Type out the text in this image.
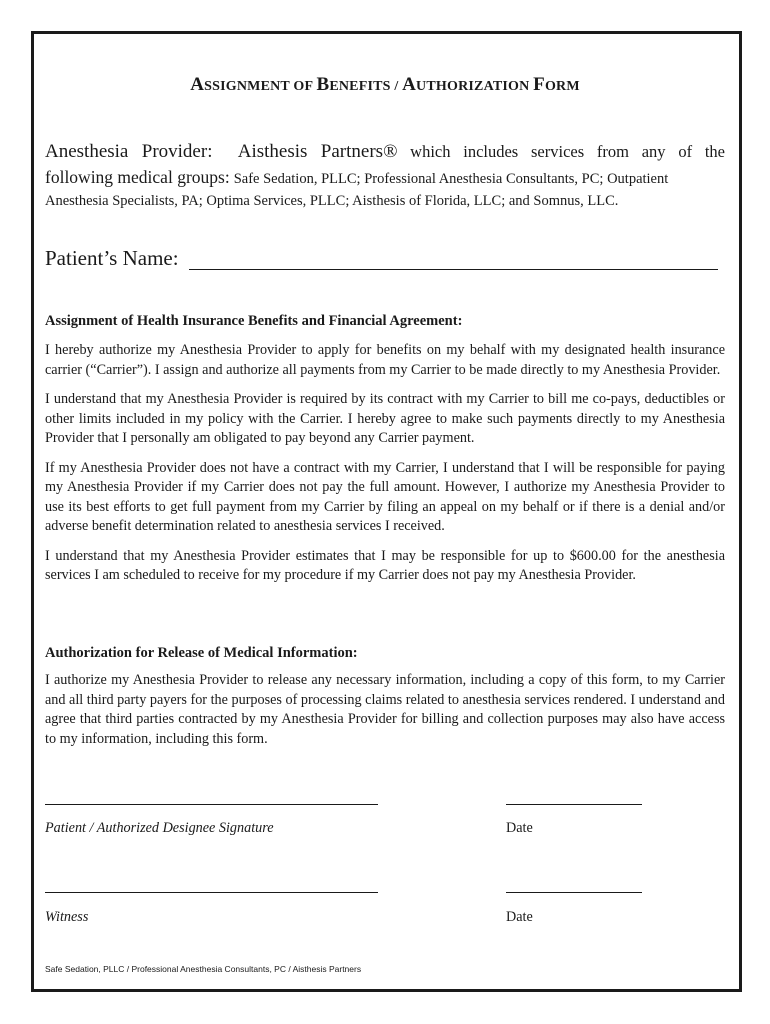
ASSIGNMENT OF BENEFITS / AUTHORIZATION FORM

Anesthesia Provider: Aisthesis Partners® which includes services from any of the

following medical groups: Safe Sedation, PLLC; Professional Anesthesia Consultants, PC; Outpatient

Anesthesia Specialists, PA; Optima Services, PLLC; Aisthesis of Florida, LLC; and Somnus, LLC.

Patient’s Name:
Assignment of Health Insurance Benefits and Financial Agreement:

I hereby authorize my Anesthesia Provider to apply for benefits on my behalf with my designated health insurance carrier (“Carrier”). I assign and authorize all payments from my Carrier to be made directly to my Anesthesia Provider.

I understand that my Anesthesia Provider is required by its contract with my Carrier to bill me co-pays, deductibles or other limits included in my policy with the Carrier. I hereby agree to make such payments directly to my Anesthesia Provider that I personally am obligated to pay beyond any Carrier payment.

If my Anesthesia Provider does not have a contract with my Carrier, I understand that I will be responsible for paying my Anesthesia Provider if my Carrier does not pay the full amount. However, I authorize my Anesthesia Provider to use its best efforts to get full payment from my Carrier by filing an appeal on my behalf or if there is a denial and/or adverse benefit determination related to anesthesia services I received.

I understand that my Anesthesia Provider estimates that I may be responsible for up to $600.00 for the anesthesia services I am scheduled to receive for my procedure if my Carrier does not pay my Anesthesia Provider.

Authorization for Release of Medical Information:

I authorize my Anesthesia Provider to release any necessary information, including a copy of this form, to my Carrier and all third party payers for the purposes of processing claims related to anesthesia services rendered. I understand and agree that third parties contracted by my Anesthesia Provider for billing and collection purposes may also have access to my information, including this form.

Patient / Authorized Designee Signature	Date
Witness	Date
Safe Sedation, PLLC / Professional Anesthesia Consultants, PC / Aisthesis Partners
